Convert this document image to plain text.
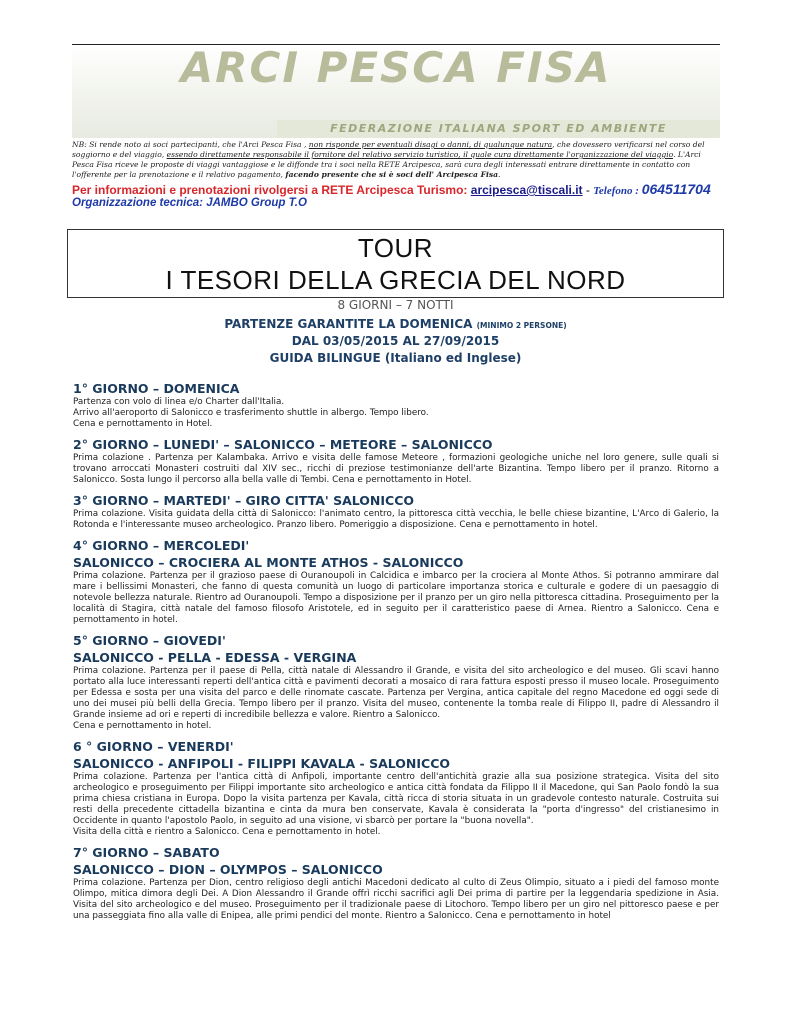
ARCI PESCA FISA
FEDERAZIONE ITALIANA SPORT ED AMBIENTE
NB: Si rende noto ai soci partecipanti, che l'Arci Pesca Fisa , non risponde per eventuali disagi o danni, di qualunque natura, che dovessero verificarsi nel corso del soggiorno e del viaggio, essendo direttamente responsabile il fornitore del relativo servizio turistico, il quale cura direttamente l'organizzazione del viaggio. L'Arci Pesca Fisa riceve le proposte di viaggi vantaggiose e le diffonde tra i soci nella RETE Arcipesca, sarà cura degli interessati entrare direttamente in contatto con l'offerente per la prenotazione e il relativo pagamento, facendo presente che si è soci dell' Arcipesca Fisa.
Per informazioni e prenotazioni rivolgersi a RETE Arcipesca Turismo: arcipesca@tiscali.it - Telefono : 064511704
Organizzazione tecnica: JAMBO Group T.O
TOUR
I TESORI DELLA GRECIA DEL NORD
8 GIORNI – 7 NOTTI
PARTENZE GARANTITE LA DOMENICA (MINIMO 2 PERSONE)
DAL 03/05/2015 AL 27/09/2015
GUIDA BILINGUE (Italiano ed Inglese)
1° GIORNO – DOMENICA

Partenza con volo di linea e/o Charter dall'Italia.

Arrivo all'aeroporto di Salonicco e trasferimento shuttle in albergo. Tempo libero.

Cena e pernottamento in Hotel.

2° GIORNO – LUNEDI' – SALONICCO – METEORE – SALONICCO

Prima colazione . Partenza per Kalambaka. Arrivo e visita delle famose Meteore , formazioni geologiche uniche nel loro genere, sulle quali si trovano arroccati Monasteri costruiti dal XIV sec., ricchi di preziose testimonianze dell'arte Bizantina. Tempo libero per il pranzo. Ritorno a Salonicco. Sosta lungo il percorso alla bella valle di Tembi. Cena e pernottamento in Hotel.

3° GIORNO – MARTEDI' – GIRO CITTA' SALONICCO

Prima colazione. Visita guidata della città di Salonicco: l'animato centro, la pittoresca città vecchia, le belle chiese bizantine, L'Arco di Galerio, la Rotonda e l'interessante museo archeologico. Pranzo libero. Pomeriggio a disposizione. Cena e pernottamento in hotel.

4° GIORNO – MERCOLEDI'
SALONICCO – CROCIERA AL MONTE ATHOS - SALONICCO

Prima colazione. Partenza per il grazioso paese di Ouranoupoli in Calcidica e imbarco per la crociera al Monte Athos. Si potranno ammirare dal mare i bellissimi Monasteri, che fanno di questa comunità un luogo di particolare importanza storica e culturale e godere di un paesaggio di notevole bellezza naturale. Rientro ad Ouranoupoli. Tempo a disposizione per il pranzo per un giro nella pittoresca cittadina. Proseguimento per la località di Stagira, città natale del famoso filosofo Aristotele, ed in seguito per il caratteristico paese di Arnea. Rientro a Salonicco. Cena e pernottamento in hotel.

5° GIORNO – GIOVEDI'
SALONICCO - PELLA - EDESSA - VERGINA

Prima colazione. Partenza per il paese di Pella, città natale di Alessandro il Grande, e visita del sito archeologico e del museo. Gli scavi hanno portato alla luce interessanti reperti dell'antica città e pavimenti decorati a mosaico di rara fattura esposti presso il museo locale. Proseguimento per Edessa e sosta per una visita del parco e delle rinomate cascate. Partenza per Vergina, antica capitale del regno Macedone ed oggi sede di uno dei musei più belli della Grecia. Tempo libero per il pranzo. Visita del museo, contenente la tomba reale di Filippo II, padre di Alessandro il Grande insieme ad ori e reperti di incredibile bellezza e valore. Rientro a Salonicco.

Cena e pernottamento in hotel.

6 ° GIORNO – VENERDI'
SALONICCO - ANFIPOLI - FILIPPI KAVALA - SALONICCO

Prima colazione. Partenza per l'antica città di Anfipoli, importante centro dell'antichità grazie alla sua posizione strategica. Visita del sito archeologico e proseguimento per Filippi importante sito archeologico e antica città fondata da Filippo II il Macedone, qui San Paolo fondò la sua prima chiesa cristiana in Europa. Dopo la visita partenza per Kavala, città ricca di storia situata in un gradevole contesto naturale. Costruita sui resti della precedente cittadella bizantina e cinta da mura ben conservate, Kavala è considerata la "porta d'ingresso" del cristianesimo in Occidente in quanto l'apostolo Paolo, in seguito ad una visione, vi sbarcò per portare la "buona novella".

Visita della città e rientro a Salonicco. Cena e pernottamento in hotel.

7° GIORNO – SABATO
SALONICCO – DION – OLYMPOS – SALONICCO

Prima colazione. Partenza per Dion, centro religioso degli antichi Macedoni dedicato al culto di Zeus Olimpio, situato a i piedi del famoso monte Olimpo, mitica dimora degli Dei. A Dion Alessandro il Grande offrì ricchi sacrifici agli Dei prima di partire per la leggendaria spedizione in Asia. Visita del sito archeologico e del museo. Proseguimento per il tradizionale paese di Litochoro. Tempo libero per un giro nel pittoresco paese e per una passeggiata fino alla valle di Enipea, alle primi pendici del monte. Rientro a Salonicco. Cena e pernottamento in hotel
